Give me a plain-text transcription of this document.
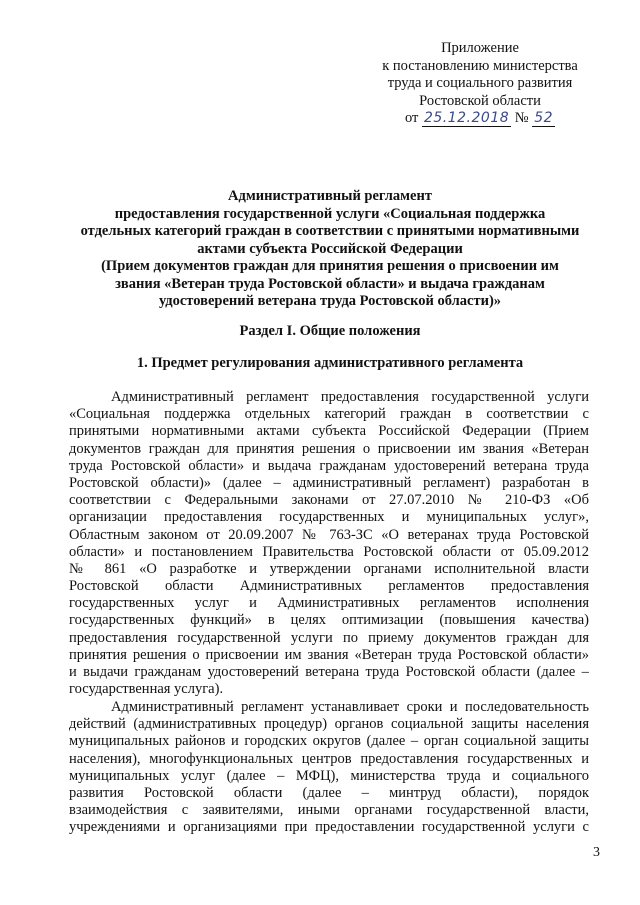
Приложение
к постановлению министерства
труда и социального развития
Ростовской области
от 25.12.2018 № 52
Административный регламент
предоставления государственной услуги «Социальная поддержка
отдельных категорий граждан в соответствии с принятыми нормативными
актами субъекта Российской Федерации
(Прием документов граждан для принятия решения о присвоении им
звания «Ветеран труда Ростовской области» и выдача гражданам
удостоверений ветерана труда Ростовской области)»
Раздел I. Общие положения
1. Предмет регулирования административного регламента
Административный регламент предоставления государственной услуги
«Социальная поддержка отдельных категорий граждан в соответствии с
принятыми нормативными актами субъекта Российской Федерации (Прием
документов граждан для принятия решения о присвоении им звания «Ветеран
труда Ростовской области» и выдача гражданам удостоверений ветерана труда
Ростовской области)» (далее – административный регламент) разработан в
соответствии с Федеральными законами от 27.07.2010 № 210-ФЗ «Об
организации предоставления государственных и муниципальных услуг»,
Областным законом от 20.09.2007 № 763-ЗС «О ветеранах труда Ростовской
области» и постановлением Правительства Ростовской области от 05.09.2012
№ 861 «О разработке и утверждении органами исполнительной власти
Ростовской области Административных регламентов предоставления
государственных услуг и Административных регламентов исполнения
государственных функций» в целях оптимизации (повышения качества)
предоставления государственной услуги по приему документов граждан для
принятия решения о присвоении им звания «Ветеран труда Ростовской области»
и выдачи гражданам удостоверений ветерана труда Ростовской области (далее –
государственная услуга).
Административный регламент устанавливает сроки и последовательность
действий (административных процедур) органов социальной защиты населения
муниципальных районов и городских округов (далее – орган социальной защиты
населения), многофункциональных центров предоставления государственных и
муниципальных услуг (далее – МФЦ), министерства труда и социального
развития Ростовской области (далее – минтруд области), порядок
взаимодействия с заявителями, иными органами государственной власти,
учреждениями и организациями при предоставлении государственной услуги с
3
